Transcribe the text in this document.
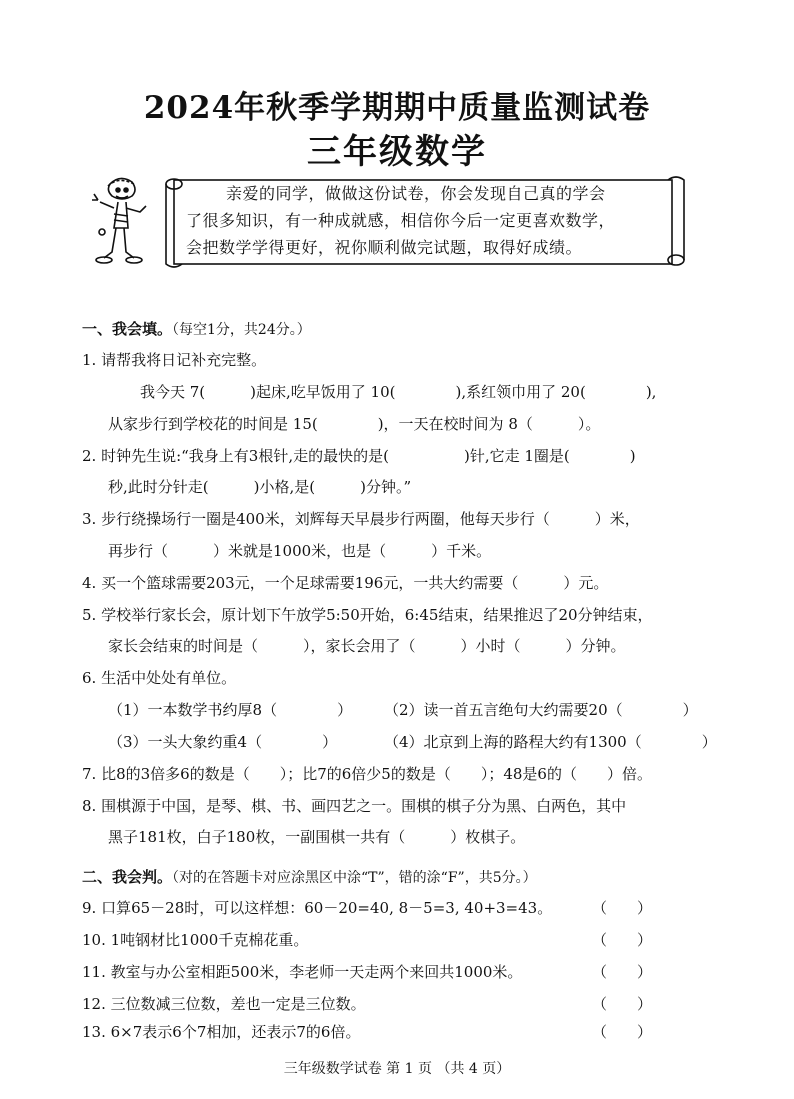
2024年秋季学期期中质量监测试卷
三年级数学
亲爱的同学，做做这份试卷，你会发现自己真的学会
了很多知识，有一种成就感，相信你今后一定更喜欢数学，
会把数学学得更好，祝你顺利做完试题，取得好成绩。
一、我会填。（每空1分，共24分。）
1. 请帮我将日记补充完整。
我今天 7(　　　)起床,吃早饭用了 10(　　　　),系红领巾用了 20(　　　　),
从家步行到学校花的时间是 15(　　　　)，一天在校时间为 8（　　　）。
2. 时钟先生说:“我身上有3根针,走的最快的是(　　　　　)针,它走 1圈是(　　　　)
秒,此时分针走(　　　)小格,是(　　　)分钟。”
3. 步行绕操场行一圈是400米，刘辉每天早晨步行两圈，他每天步行（　　　）米，
再步行（　　　）米就是1000米，也是（　　　）千米。
4. 买一个篮球需要203元，一个足球需要196元，一共大约需要（　　　）元。
5. 学校举行家长会，原计划下午放学5:50开始，6:45结束，结果推迟了20分钟结束，
家长会结束的时间是（　　　），家长会用了（　　　）小时（　　　）分钟。
6. 生活中处处有单位。
（1）一本数学书约厚8（　　　　） （2）读一首五言绝句大约需要20（　　　　）
（3）一头大象约重4（　　　　）	（4）北京到上海的路程大约有1300（　　　　）
7. 比8的3倍多6的数是（　　）；比7的6倍少5的数是（　　）；48是6的（　　）倍。
8. 围棋源于中国，是琴、棋、书、画四艺之一。围棋的棋子分为黑、白两色，其中
黑子181枚，白子180枚，一副围棋一共有（　　　）枚棋子。
二、我会判。（对的在答题卡对应涂黑区中涂“T”，错的涂“F”，共5分。）
9. 口算65－28时，可以这样想：60－20=40, 8－5=3, 40+3=43。	（　　）
10. 1吨钢材比1000千克棉花重。	（　　）
11. 教室与办公室相距500米，李老师一天走两个来回共1000米。	（　　）
12. 三位数减三位数，差也一定是三位数。	（　　）
13. 6×7表示6个7相加，还表示7的6倍。	（　　）
三年级数学试卷 第 1 页 （共 4 页）
